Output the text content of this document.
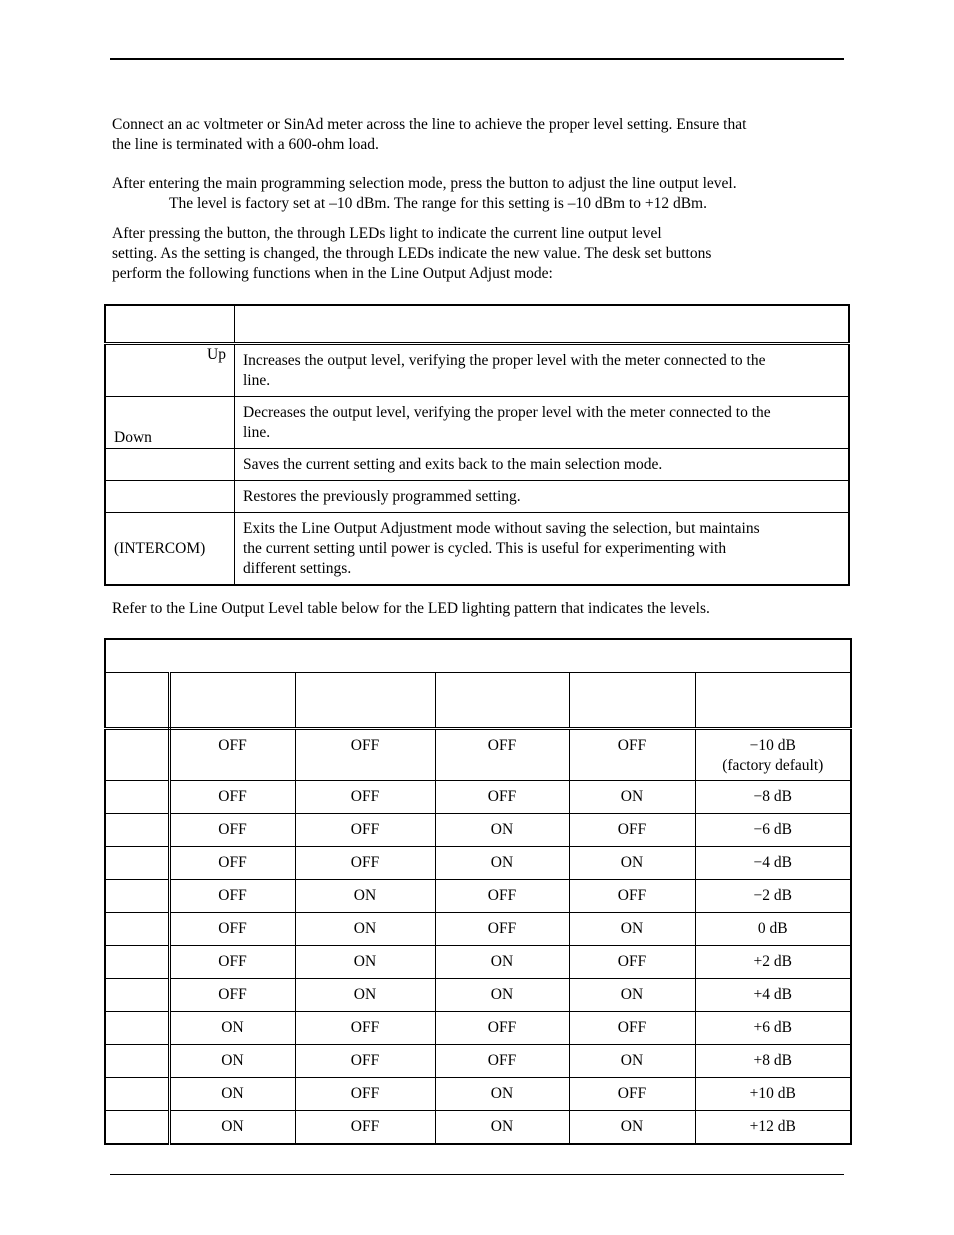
Connect an ac voltmeter or SinAd meter across the line to achieve the proper level setting. Ensure that
the line is terminated with a 600-ohm load.

After entering the main programming selection mode, press the button to adjust the line output level.
The level is factory set at –10 dBm. The range for this setting is –10 dBm to +12 dBm.

After pressing the button, the through LEDs light to indicate the current line output level
setting. As the setting is changed, the through LEDs indicate the new value. The desk set buttons
perform the following functions when in the Line Output Adjust mode:

Up	Increases the output level, verifying the proper level with the meter connected to the
line.
Down	Decreases the output level, verifying the proper level with the meter connected to the
line.
	Saves the current setting and exits back to the main selection mode.
	Restores the previously programmed setting.
(INTERCOM)	Exits the Line Output Adjustment mode without saving the selection, but maintains
the current setting until power is cycled. This is useful for experimenting with
different settings.

Refer to the Line Output Level table below for the LED lighting pattern that indicates the levels.

	OFF	OFF	OFF	OFF	−10 dB
(factory default)
	OFF	OFF	OFF	ON	−8 dB
	OFF	OFF	ON	OFF	−6 dB
	OFF	OFF	ON	ON	−4 dB
	OFF	ON	OFF	OFF	−2 dB
	OFF	ON	OFF	ON	0 dB
	OFF	ON	ON	OFF	+2 dB
	OFF	ON	ON	ON	+4 dB
	ON	OFF	OFF	OFF	+6 dB
	ON	OFF	OFF	ON	+8 dB
	ON	OFF	ON	OFF	+10 dB
	ON	OFF	ON	ON	+12 dB
